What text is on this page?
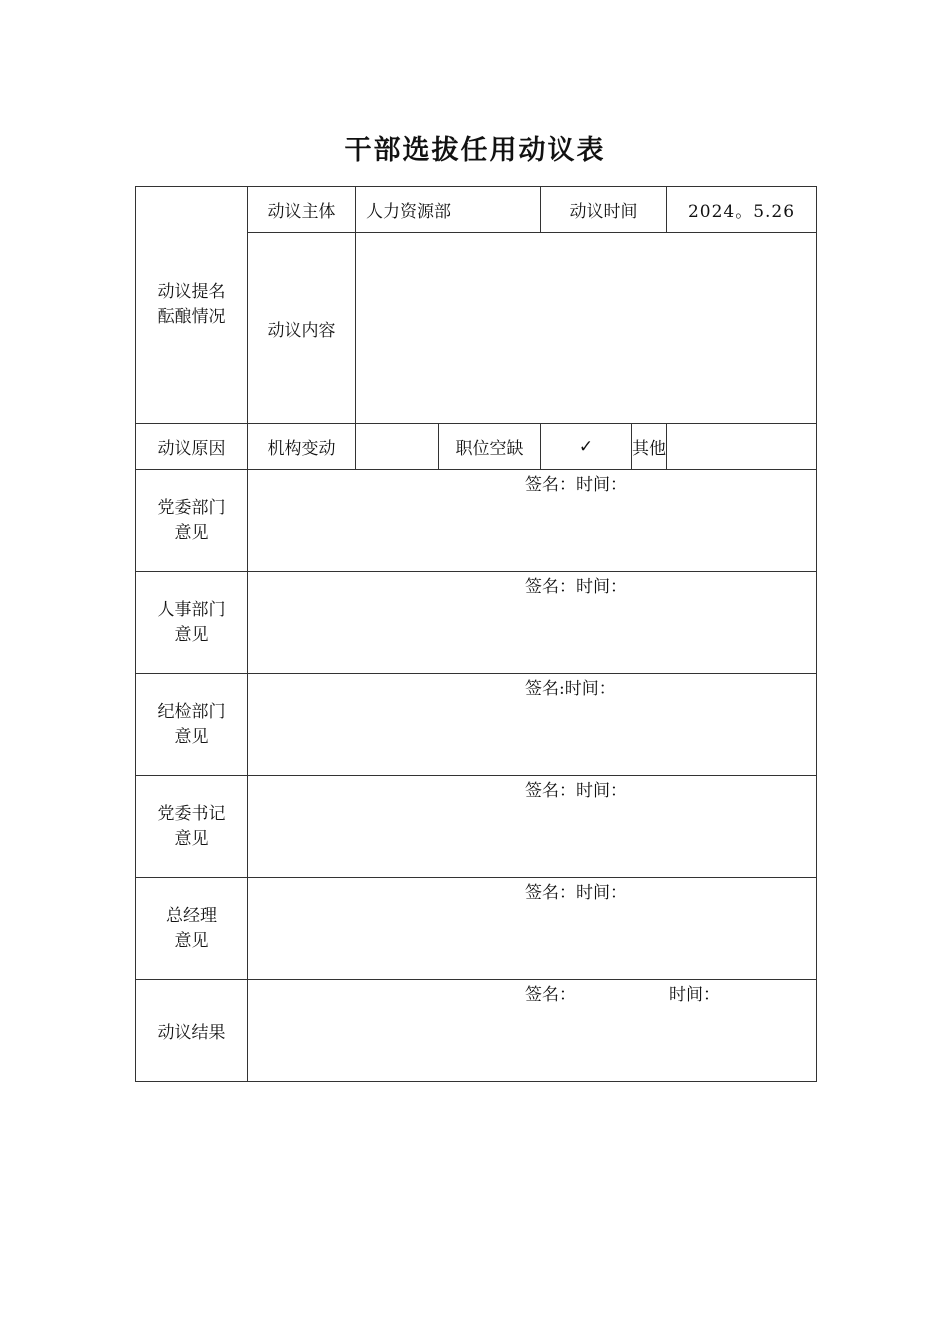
干部选拔任用动议表
动议提名
酝酿情况	动议主体	人力资源部		动议时间		2024。5.26
	动议内容					
动议原因	机构变动		职位空缺	✓	其他	

党委部门
意见	签名：时间：					

人事部门
意见	签名：时间：					

纪检部门
意见	签名:时间：					

党委书记
意见	签名：时间：					

总经理
意见	签名：时间：					

动议结果	签名： 时间：					
